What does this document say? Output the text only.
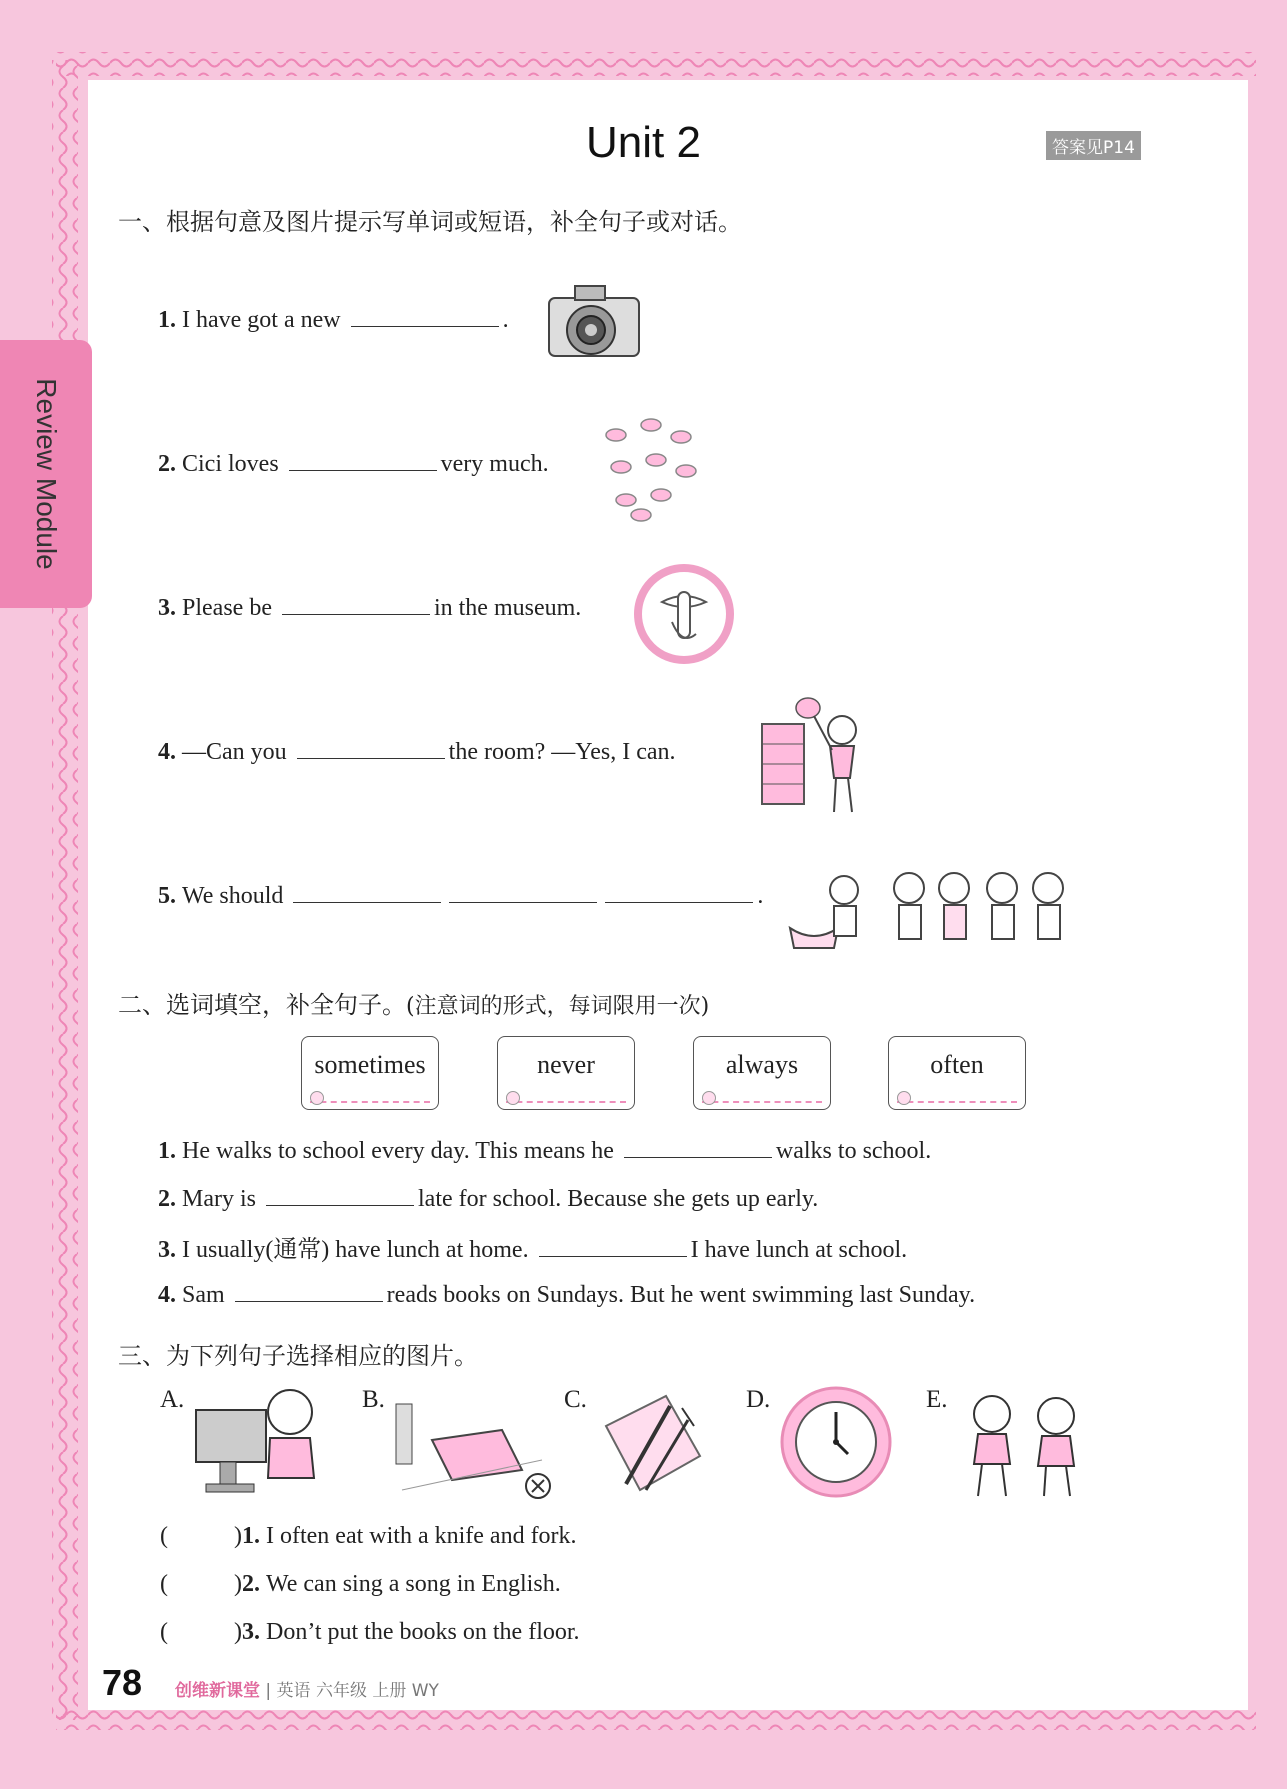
Review Module
Unit 2	答案见P14
一、根据句意及图片提示写单词或短语，补全句子或对话。
1. I have got a new	.
2. Cici loves	very much.
3. Please be	in the museum.
4. —Can you	the room? —Yes, I can.
5. We should	.
二、选词填空，补全句子。(注意词的形式，每词限用一次)
sometimes	never	always	often
1. He walks to school every day. This means he	walks to school.
2. Mary is	late for school. Because she gets up early.
3. I usually(通常) have lunch at home.	I have lunch at school.
4. Sam	reads books on Sundays. But he went swimming last Sunday.
三、为下列句子选择相应的图片。
A.	B.	C.	D.	E.
(	)1. I often eat with a knife and fork.
(	)2. We can sing a song in English.
(	)3. Don’t put the books on the floor.
78 创维新课堂 | 英语 六年级 上册 WY
